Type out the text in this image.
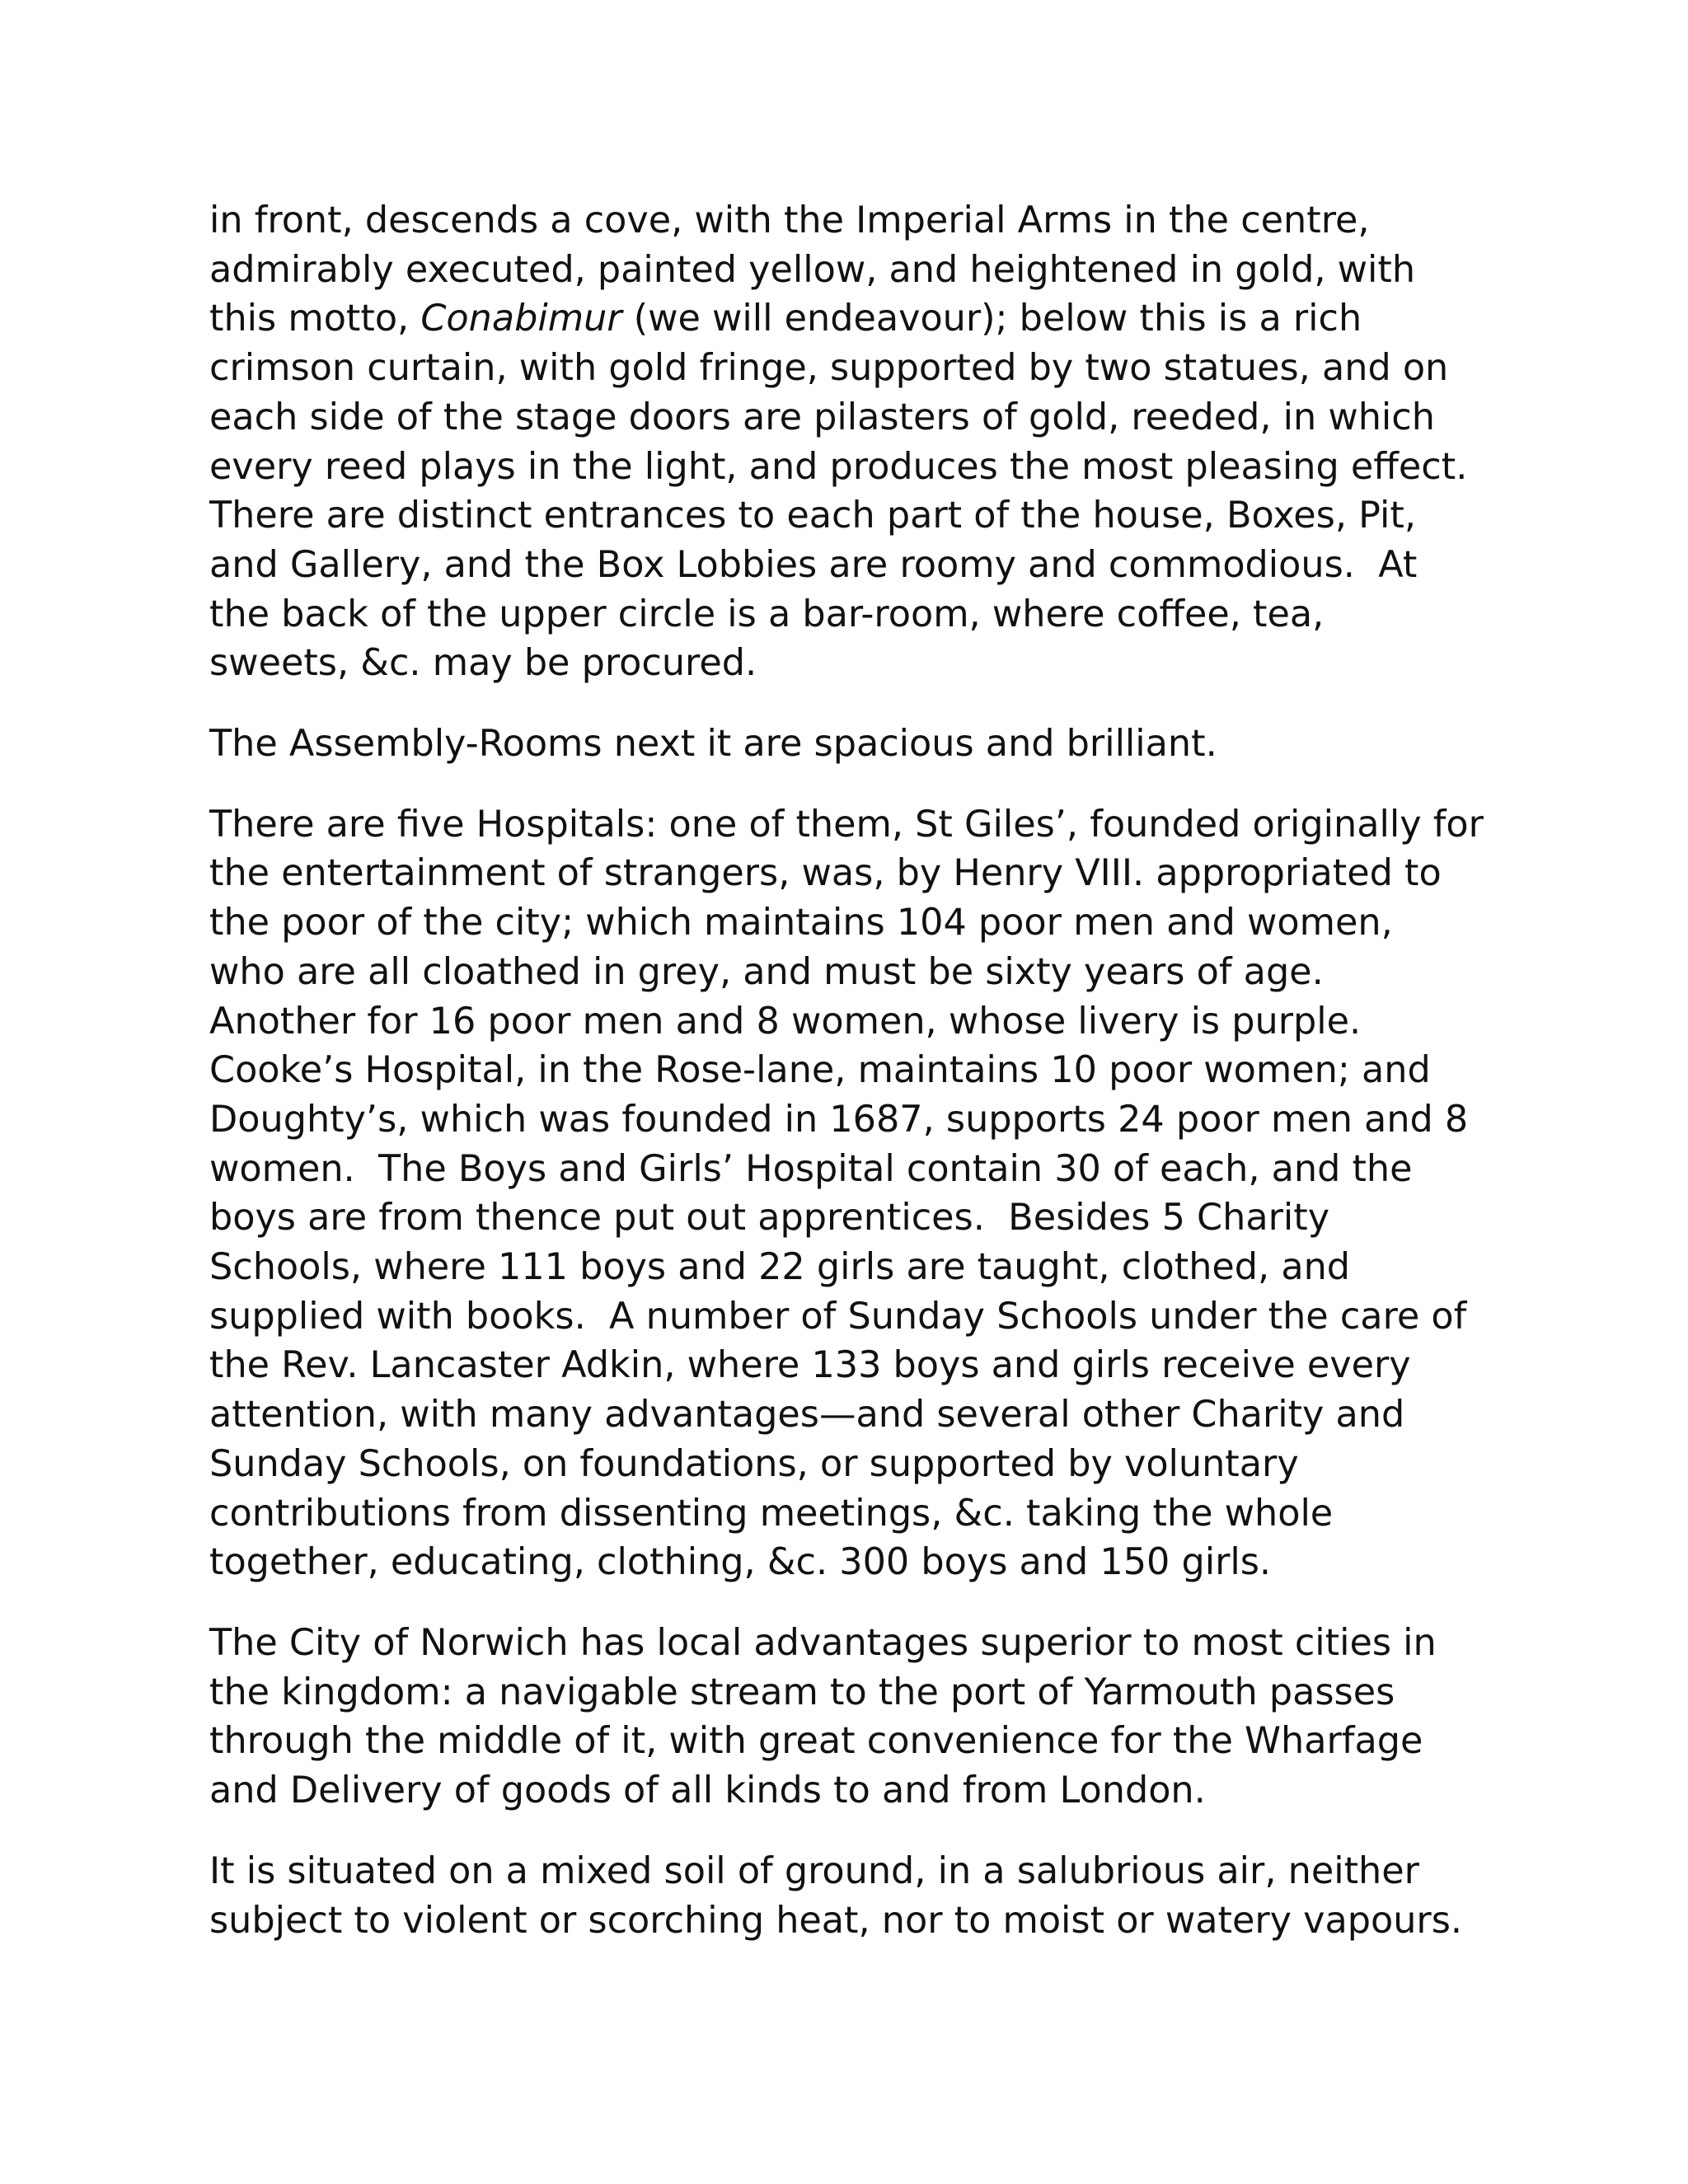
in front, descends a cove, with the Imperial Arms in the centre,
admirably executed, painted yellow, and heightened in gold, with
this motto, Conabimur (we will endeavour); below this is a rich
crimson curtain, with gold fringe, supported by two statues, and on
each side of the stage doors are pilasters of gold, reeded, in which
every reed plays in the light, and produces the most pleasing effect.
There are distinct entrances to each part of the house, Boxes, Pit,
and Gallery, and the Box Lobbies are roomy and commodious.  At
the back of the upper circle is a bar-room, where coffee, tea,
sweets, &c. may be procured.
The Assembly-Rooms next it are spacious and brilliant.
There are five Hospitals: one of them, St Giles’, founded originally for
the entertainment of strangers, was, by Henry VIII. appropriated to
the poor of the city; which maintains 104 poor men and women,
who are all cloathed in grey, and must be sixty years of age.
Another for 16 poor men and 8 women, whose livery is purple.
Cooke’s Hospital, in the Rose-lane, maintains 10 poor women; and
Doughty’s, which was founded in 1687, supports 24 poor men and 8
women.  The Boys and Girls’ Hospital contain 30 of each, and the
boys are from thence put out apprentices.  Besides 5 Charity
Schools, where 111 boys and 22 girls are taught, clothed, and
supplied with books.  A number of Sunday Schools under the care of
the Rev. Lancaster Adkin, where 133 boys and girls receive every
attention, with many advantages—and several other Charity and
Sunday Schools, on foundations, or supported by voluntary
contributions from dissenting meetings, &c. taking the whole
together, educating, clothing, &c. 300 boys and 150 girls.
The City of Norwich has local advantages superior to most cities in
the kingdom: a navigable stream to the port of Yarmouth passes
through the middle of it, with great convenience for the Wharfage
and Delivery of goods of all kinds to and from London.
It is situated on a mixed soil of ground, in a salubrious air, neither
subject to violent or scorching heat, nor to moist or watery vapours.
